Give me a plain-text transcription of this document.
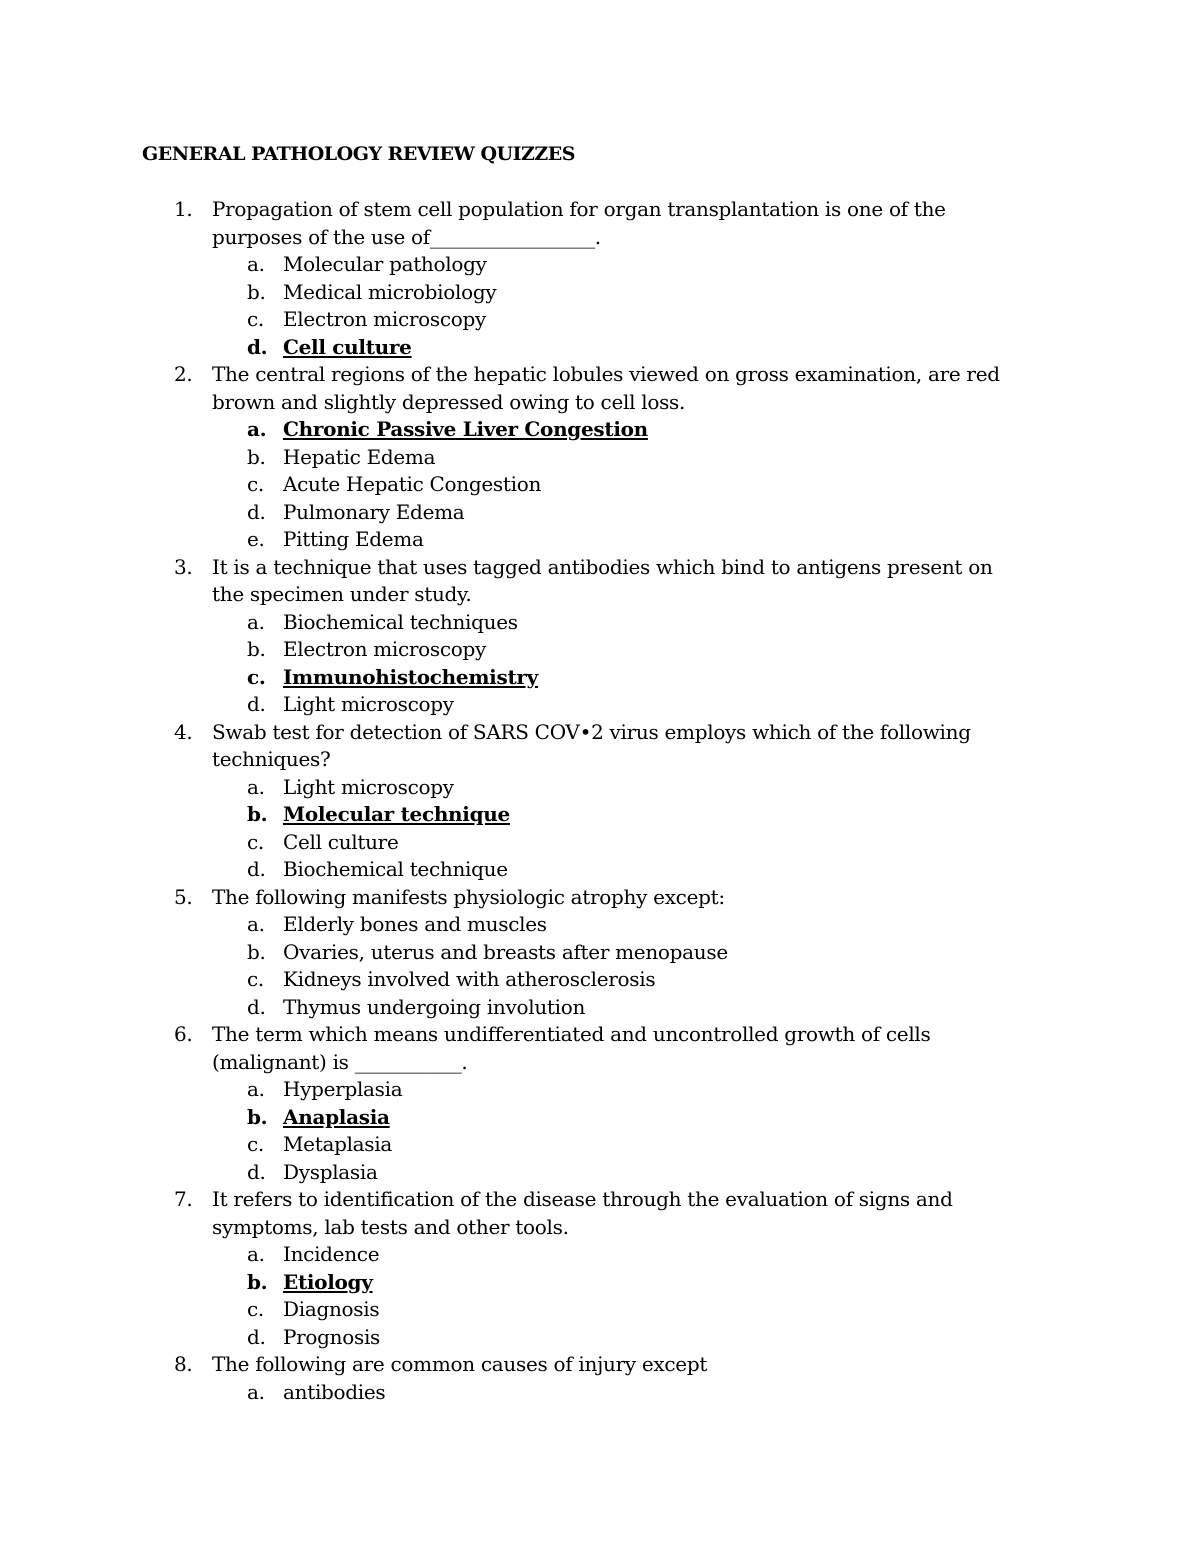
GENERAL PATHOLOGY REVIEW QUIZZES
1. Propagation of stem cell population for organ transplantation is one of the purposes of the use of_________________.
a. Molecular pathology
b. Medical microbiology
c. Electron microscopy
d. Cell culture
2. The central regions of the hepatic lobules viewed on gross examination, are red brown and slightly depressed owing to cell loss.
a. Chronic Passive Liver Congestion
b. Hepatic Edema
c. Acute Hepatic Congestion
d. Pulmonary Edema
e. Pitting Edema
3. It is a technique that uses tagged antibodies which bind to antigens present on the specimen under study.
a. Biochemical techniques
b. Electron microscopy
c. Immunohistochemistry
d. Light microscopy
4. Swab test for detection of SARS COV•2 virus employs which of the following techniques?
a. Light microscopy
b. Molecular technique
c. Cell culture
d. Biochemical technique
5. The following manifests physiologic atrophy except:
a. Elderly bones and muscles
b. Ovaries, uterus and breasts after menopause
c. Kidneys involved with atherosclerosis
d. Thymus undergoing involution
6. The term which means undifferentiated and uncontrolled growth of cells (malignant) is ___________.
a. Hyperplasia
b. Anaplasia
c. Metaplasia
d. Dysplasia
7. It refers to identification of the disease through the evaluation of signs and symptoms, lab tests and other tools.
a. Incidence
b. Etiology
c. Diagnosis
d. Prognosis
8. The following are common causes of injury except
a. antibodies
